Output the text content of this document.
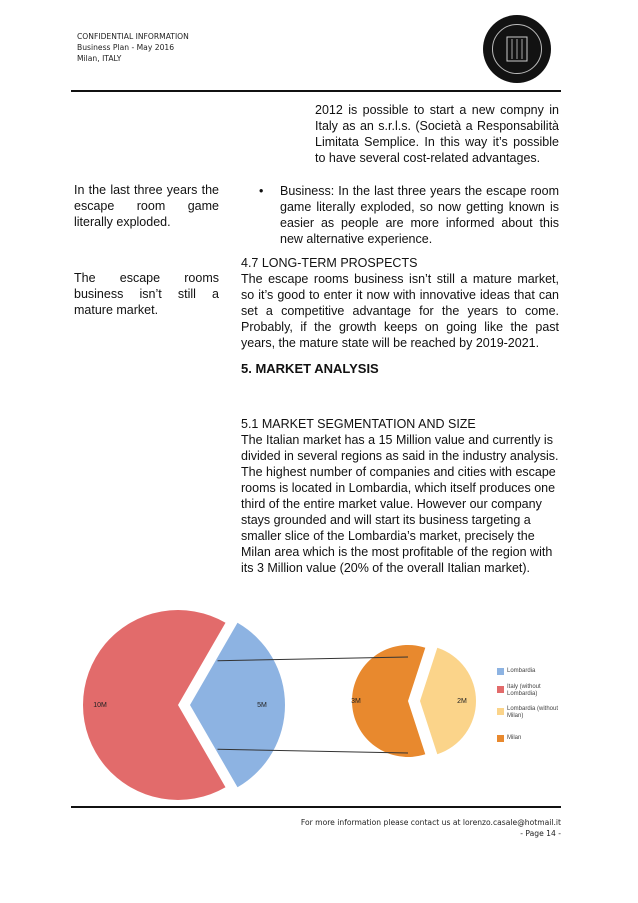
CONFIDENTIAL INFORMATION
Business Plan - May 2016
Milan, ITALY
In the last three years the escape room game literally exploded.
The escape rooms business isn’t still a mature market.
2012 is possible to start a new compny in Italy as an s.r.l.s. (Società a Responsabilità Limitata Semplice. In this way it’s possible to have several cost-related advantages.
• Business: In the last three years the escape room game literally exploded, so now getting known is easier as people are more informed about this new alternative experience.
4.7 LONG-TERM PROSPECTS
The escape rooms business isn’t still a mature market, so it’s good to enter it now with innovative ideas that can set a competitive advantage for the years to come. Probably, if the growth keeps on going like the past years, the mature state will be reached by 2019-2021.
5. MARKET ANALYSIS
5.1 MARKET SEGMENTATION AND SIZE
The Italian market has a 15 Million value and currently is divided in several regions as said in the industry analysis. The highest number of companies and cities with escape rooms is located in Lombardia, which itself produces one third of the entire market value. However our company stays grounded and will start its business targeting a smaller slice of the Lombardia’s market, precisely the Milan area which is the most profitable of the region with its 3 Million value (20% of the overall Italian market).
10M	5M
3M	2M
Lombardia
Italy (without Lombardia)
Lombardia (without Milan)
Milan
For more information please contact us at lorenzo.casale@hotmail.it
- Page 14 -
